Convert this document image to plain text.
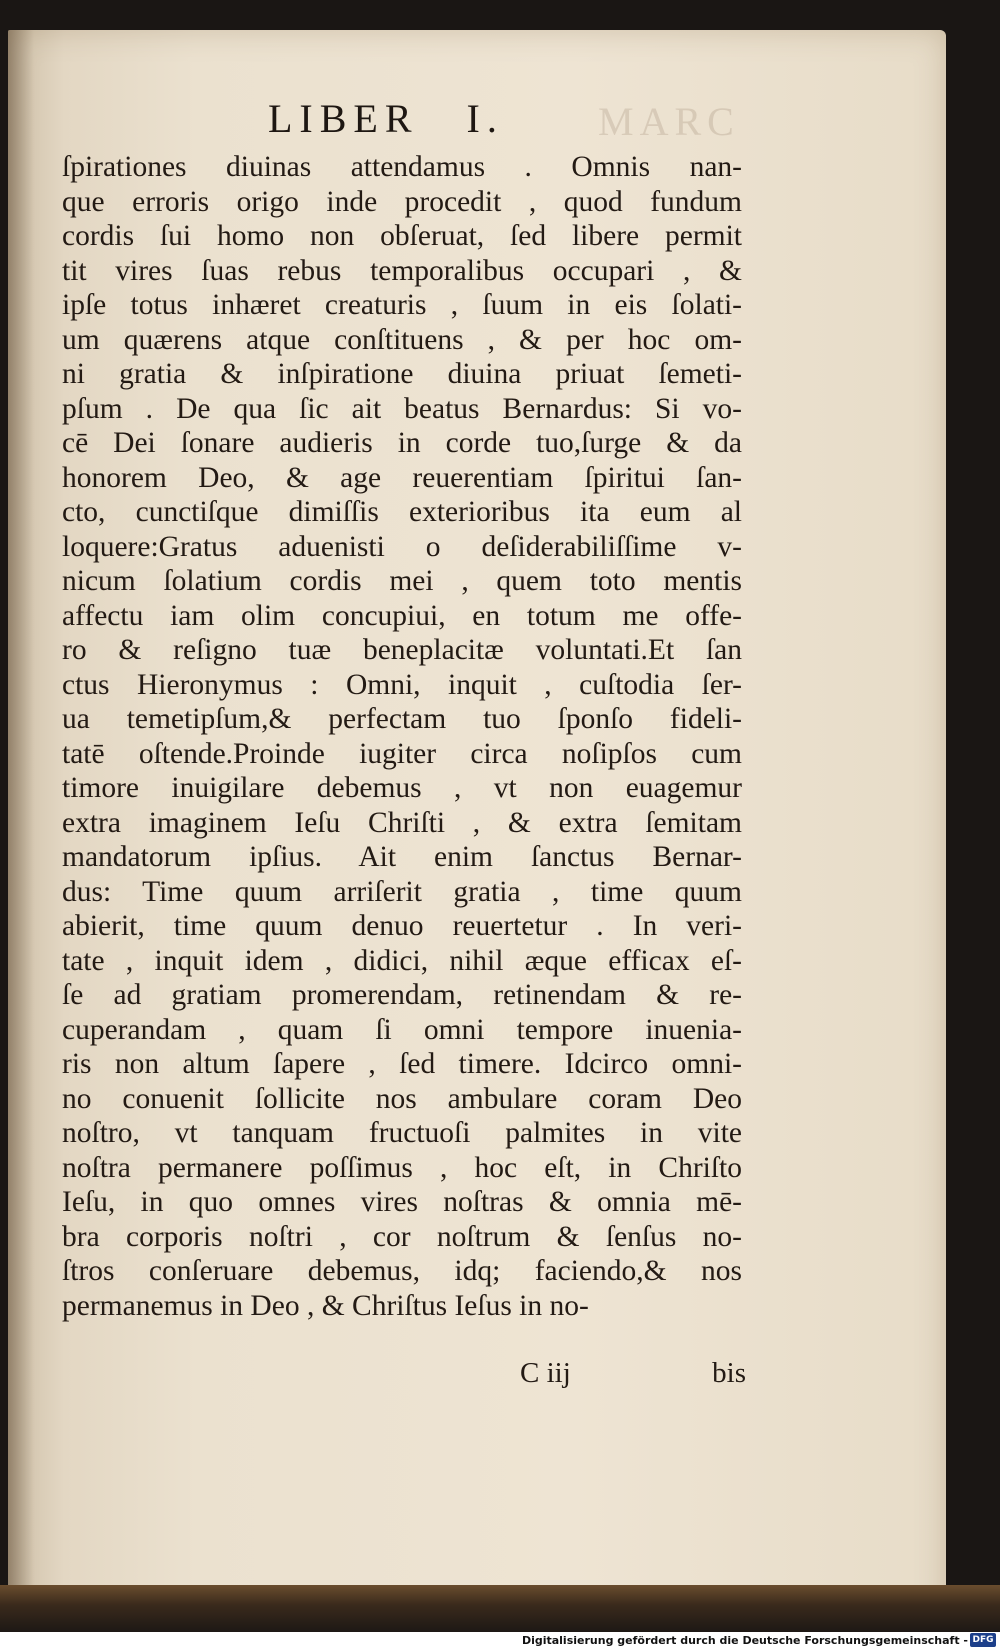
MARC
LIBER I.
ſpirationes diuinas attendamus . Omnis nan-
que erroris origo inde procedit , quod fundum
cordis ſui homo non obſeruat, ſed libere permit
tit vires ſuas rebus temporalibus occupari , &
ipſe totus inhæret creaturis , ſuum in eis ſolati-
um quærens atque conſtituens , & per hoc om-
ni gratia & inſpiratione diuina priuat ſemeti-
pſum . De qua ſic ait beatus Bernardus: Si vo-
cē Dei ſonare audieris in corde tuo,ſurge & da
honorem Deo, & age reuerentiam ſpiritui ſan-
cto, cunctiſque dimiſſis exterioribus ita eum al
loquere:Gratus aduenisti o deſiderabiliſſime v-
nicum ſolatium cordis mei , quem toto mentis
affectu iam olim concupiui, en totum me offe-
ro & reſigno tuæ beneplacitæ voluntati.Et ſan
ctus Hieronymus : Omni, inquit , cuſtodia ſer-
ua temetipſum,& perfectam tuo ſponſo fideli-
tatē oſtende.Proinde iugiter circa noſipſos cum
timore inuigilare debemus , vt non euagemur
extra imaginem Ieſu Chriſti , & extra ſemitam
mandatorum ipſius. Ait enim ſanctus Bernar-
dus: Time quum arriſerit gratia , time quum
abierit, time quum denuo reuertetur . In veri-
tate , inquit idem , didici, nihil æque efficax eſ-
ſe ad gratiam promerendam, retinendam & re-
cuperandam , quam ſi omni tempore inuenia-
ris non altum ſapere , ſed timere. Idcirco omni-
no conuenit ſollicite nos ambulare coram Deo
noſtro, vt tanquam fructuoſi palmites in vite
noſtra permanere poſſimus , hoc eſt, in Chriſto
Ieſu, in quo omnes vires noſtras & omnia mē-
bra corporis noſtri , cor noſtrum & ſenſus no-
ſtros conſeruare debemus, idq; faciendo,& nos
permanemus in Deo , & Chriſtus Ieſus in no-
C iij	bis
Digitalisierung gefördert durch die Deutsche Forschungsgemeinschaft - DFG
